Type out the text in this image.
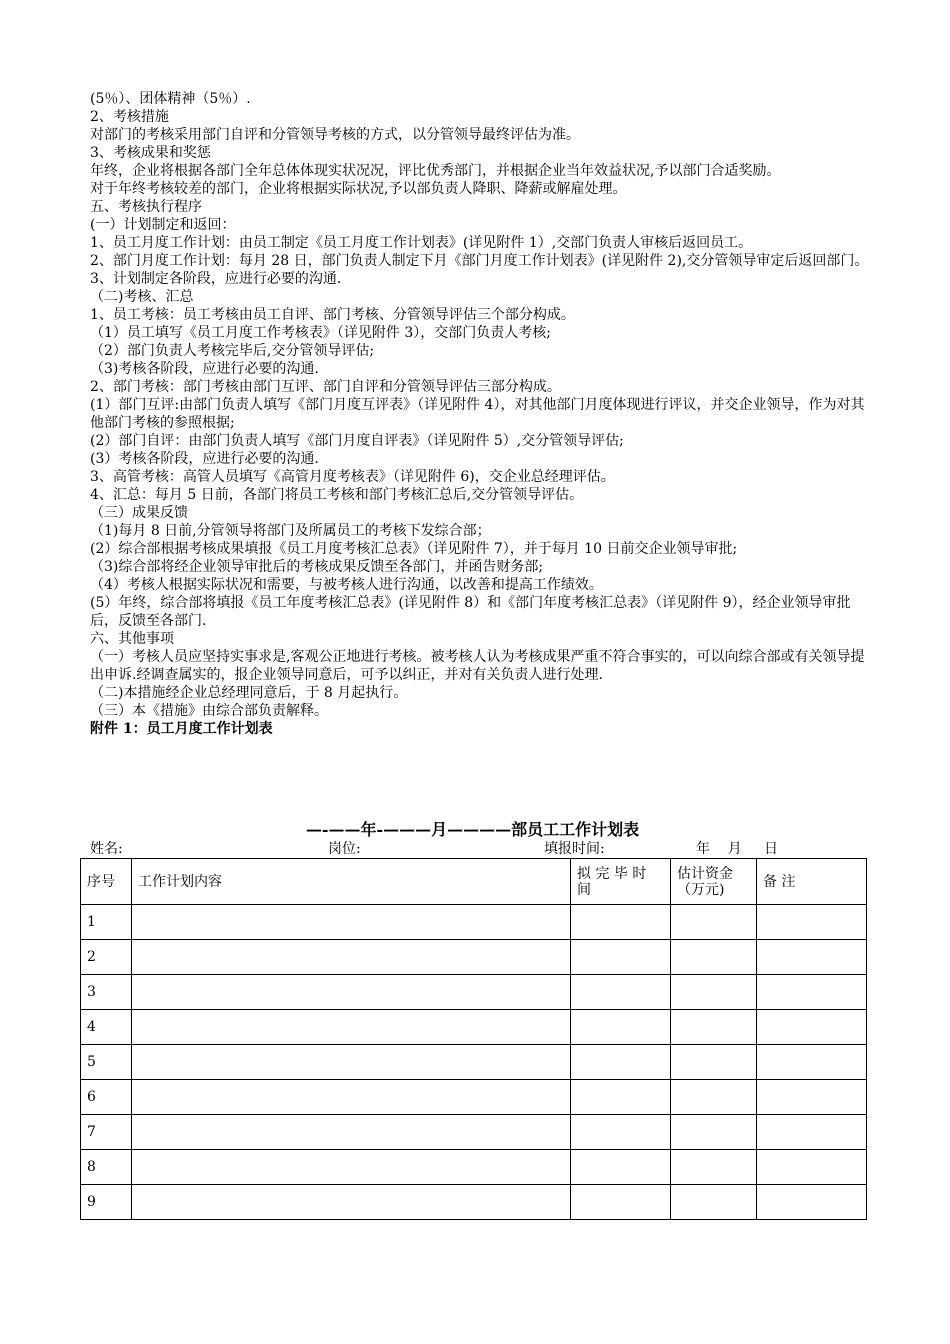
(5％）、团体精神（5％）.

2、考核措施

对部门的考核采用部门自评和分管领导考核的方式，以分管领导最终评估为准。

3、考核成果和奖惩

年终，企业将根据各部门全年总体体现实状况况，评比优秀部门，并根据企业当年效益状况,予以部门合适奖励。

对于年终考核较差的部门，企业将根据实际状况,予以部负责人降职、降薪或解雇处理。

五、考核执行程序

(一）计划制定和返回：

1、员工月度工作计划：由员工制定《员工月度工作计划表》(详见附件 1）,交部门负责人审核后返回员工。

2、部门月度工作计划：每月 28 日，部门负责人制定下月《部门月度工作计划表》(详见附件 2),交分管领导审定后返回部门。

3、计划制定各阶段，应进行必要的沟通.

（二)考核、汇总

1、员工考核：员工考核由员工自评、部门考核、分管领导评估三个部分构成。

（1）员工填写《员工月度工作考核表》（详见附件 3），交部门负责人考核;

（2）部门负责人考核完毕后,交分管领导评估;

（3)考核各阶段，应进行必要的沟通.

2、部门考核：部门考核由部门互评、部门自评和分管领导评估三部分构成。

(1）部门互评:由部门负责人填写《部门月度互评表》（详见附件 4），对其他部门月度体现进行评议，并交企业领导，作为对其他部门考核的参照根据;

(2）部门自评：由部门负责人填写《部门月度自评表》（详见附件 5）,交分管领导评估;

(3）考核各阶段，应进行必要的沟通.

3、高管考核：高管人员填写《高管月度考核表》（详见附件 6)，交企业总经理评估。

4、汇总：每月 5 日前，各部门将员工考核和部门考核汇总后,交分管领导评估。

（三）成果反馈

（1)每月 8 日前,分管领导将部门及所属员工的考核下发综合部；

(2）综合部根据考核成果填报《员工月度考核汇总表》（详见附件 7），并于每月 10 日前交企业领导审批;

（3)综合部将经企业领导审批后的考核成果反馈至各部门，并函告财务部;

（4）考核人根据实际状况和需要，与被考核人进行沟通，以改善和提高工作绩效。

(5）年终，综合部将填报《员工年度考核汇总表》(详见附件 8）和《部门年度考核汇总表》（详见附件 9），经企业领导审批后，反馈至各部门.

六、其他事项

（一）考核人员应坚持实事求是,客观公正地进行考核。被考核人认为考核成果严重不符合事实的，可以向综合部或有关领导提出申诉.经调查属实的，报企业领导同意后，可予以纠正，并对有关负责人进行处理.

（二)本措施经企业总经理同意后，于 8 月起执行。

（三）本《措施》由综合部负责解释。

附件 1：员工月度工作计划表

—-——年-———月————部员工工作计划表
姓名:	岗位:	填报时间:	年    月     日
序号	工作计划内容	拟 完 毕 时 间	估计资金（万元)	备 注
1				
2				
3				
4				
5				
6				
7				
8				
9				
